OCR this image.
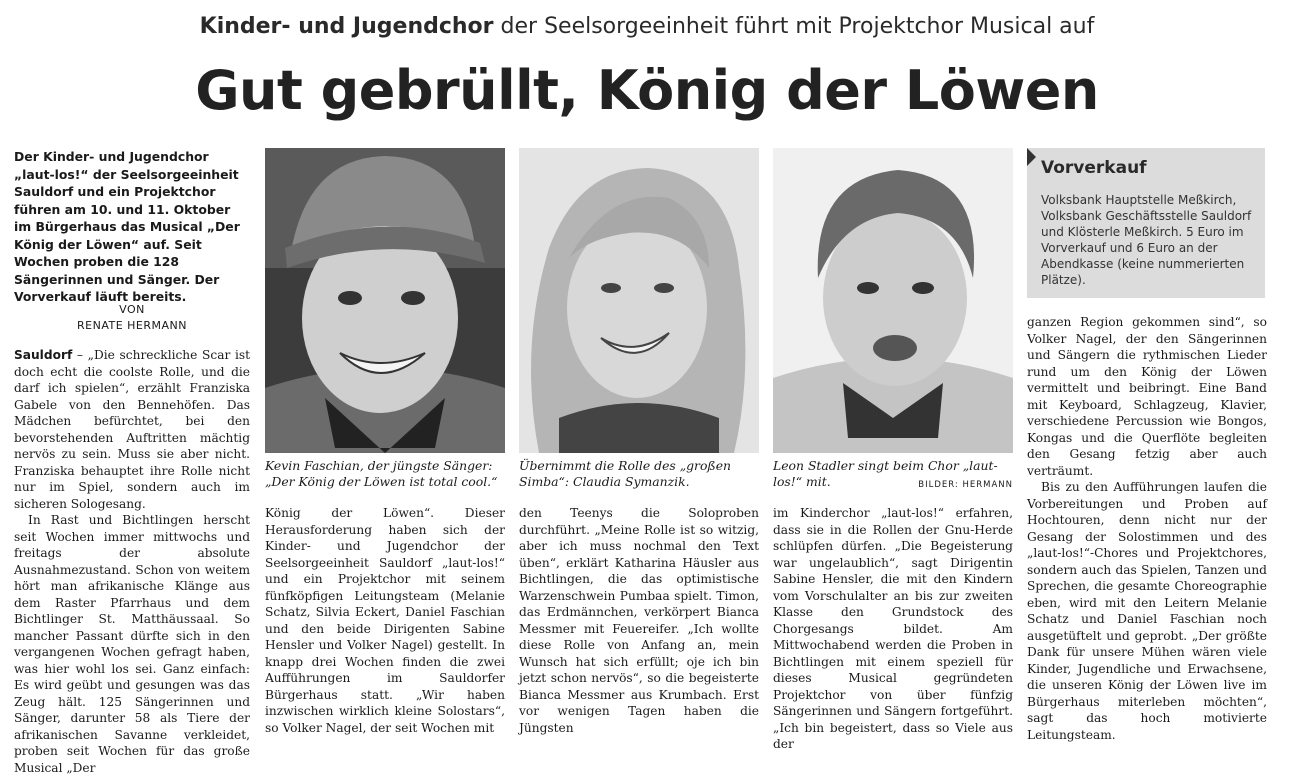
Kinder- und Jugendchor der Seelsorgeeinheit führt mit Projektchor Musical auf
Gut gebrüllt, König der Löwen
Der Kinder- und Jugendchor „laut-los!“ der Seelsorgeeinheit Sauldorf und ein Projektchor führen am 10. und 11. Oktober im Bürgerhaus das Musical „Der König der Löwen“ auf. Seit Wochen proben die 128 Sängerinnen und Sänger. Der Vorverkauf läuft bereits.
VON
RENATE HERMANN

Sauldorf – „Die schreckliche Scar ist doch echt die coolste Rolle, und die darf ich spielen“, erzählt Franziska Gabele von den Bennehöfen. Das Mädchen befürchtet, bei den bevorstehenden Auftritten mächtig nervös zu sein. Muss sie aber nicht. Franziska behauptet ihre Rolle nicht nur im Spiel, sondern auch im sicheren Sologesang.

In Rast und Bichtlingen herscht seit Wochen immer mittwochs und freitags der absolute Ausnahmezustand. Schon von weitem hört man afrikanische Klänge aus dem Raster Pfarrhaus und dem Bichtlinger St. Matthäussaal. So mancher Passant dürfte sich in den vergangenen Wochen gefragt haben, was hier wohl los sei. Ganz einfach: Es wird geübt und gesungen was das Zeug hält. 125 Sängerinnen und Sänger, darunter 58 als Tiere der afrikanischen Savanne verkleidet, proben seit Wochen für das große Musical „Der

Kevin Faschian, der jüngste Sänger: „Der König der Löwen ist total cool.“
Übernimmt die Rolle des „großen Simba“: Claudia Symanzik.
Leon Stadler singt beim Chor „laut-los!“ mit.	BILDER: HERMANN

König der Löwen“. Dieser Herausforderung haben sich der Kinder- und Jugendchor der Seelsorgeeinheit Sauldorf „laut-los!“ und ein Projektchor mit seinem fünfköpfigen Leitungsteam (Melanie Schatz, Silvia Eckert, Daniel Faschian und den beide Dirigenten Sabine Hensler und Volker Nagel) gestellt. In knapp drei Wochen finden die zwei Aufführungen im Sauldorfer Bürgerhaus statt. „Wir haben inzwischen wirklich kleine Solostars“, so Volker Nagel, der seit Wochen mit

den Teenys die Soloproben durchführt. „Meine Rolle ist so witzig, aber ich muss nochmal den Text üben“, erklärt Katharina Häusler aus Bichtlingen, die das optimistische Warzenschwein Pumbaa spielt. Timon, das Erdmännchen, verkörpert Bianca Messmer mit Feuereifer. „Ich wollte diese Rolle von Anfang an, mein Wunsch hat sich erfüllt; oje ich bin jetzt schon nervös“, so die begeisterte Bianca Messmer aus Krumbach. Erst vor wenigen Tagen haben die Jüngsten

im Kinderchor „laut-los!“ erfahren, dass sie in die Rollen der Gnu-Herde schlüpfen dürfen. „Die Begeisterung war ungelaublich“, sagt Dirigentin Sabine Hensler, die mit den Kindern vom Vorschulalter an bis zur zweiten Klasse den Grundstock des Chorgesangs bildet. Am Mittwochabend werden die Proben in Bichtlingen mit einem speziell für dieses Musical gegründeten Projektchor von über fünfzig Sängerinnen und Sängern fortgeführt. „Ich bin begeistert, dass so Viele aus der

Vorverkauf
Volksbank Hauptstelle Meßkirch, Volksbank Geschäftsstelle Sauldorf und Klösterle Meßkirch. 5 Euro im Vorverkauf und 6 Euro an der Abendkasse (keine nummerierten Plätze).

ganzen Region gekommen sind“, so Volker Nagel, der den Sängerinnen und Sängern die rythmischen Lieder rund um den König der Löwen vermittelt und beibringt. Eine Band mit Keyboard, Schlagzeug, Klavier, verschiedene Percussion wie Bongos, Kongas und die Querflöte begleiten den Gesang fetzig aber auch verträumt.

Bis zu den Aufführungen laufen die Vorbereitungen und Proben auf Hochtouren, denn nicht nur der Gesang der Solostimmen und des „laut-los!“-Chores und Projektchores, sondern auch das Spielen, Tanzen und Sprechen, die gesamte Choreographie eben, wird mit den Leitern Melanie Schatz und Daniel Faschian noch ausgetüftelt und geprobt. „Der größte Dank für unsere Mühen wären viele Kinder, Jugendliche und Erwachsene, die unseren König der Löwen live im Bürgerhaus miterleben möchten“, sagt das hoch motivierte Leitungsteam.
